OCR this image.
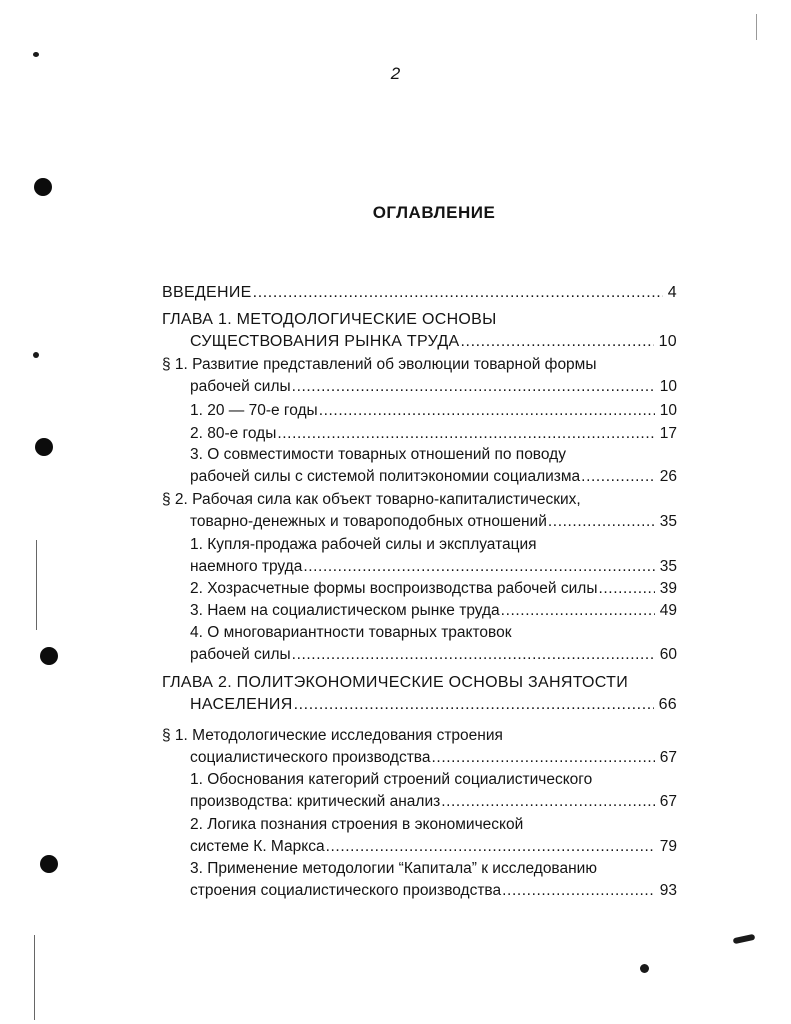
2
ОГЛАВЛЕНИЕ
ВВЕДЕНИЕ .....	4
ГЛАВА 1. МЕТОДОЛОГИЧЕСКИЕ ОСНОВЫ
СУЩЕСТВОВАНИЯ РЫНКА ТРУДА .....	10
§ 1. Развитие представлений об эволюции товарной формы
рабочей силы .....	10
1. 20 — 70-е годы .....	10
2. 80-е годы .....	17
3. О совместимости товарных отношений по поводу
рабочей силы с системой политэкономии социализма .....	26
§ 2. Рабочая сила как объект товарно-капиталистических,
товарно-денежных и товароподобных отношений .....	35
1. Купля-продажа рабочей силы и эксплуатация
наемного труда .....	35
2. Хозрасчетные формы воспроизводства рабочей силы .....	39
3. Наем на социалистическом рынке труда .....	49
4. О многовариантности товарных трактовок
рабочей силы .....	60
ГЛАВА 2. ПОЛИТЭКОНОМИЧЕСКИЕ ОСНОВЫ ЗАНЯТОСТИ
НАСЕЛЕНИЯ .....	66
§ 1. Методологические исследования строения
социалистического производства .....	67
1. Обоснования категорий строений социалистического
производства: критический анализ .....	67
2. Логика познания строения в экономической
системе К. Маркса .....	79
3. Применение методологии “Капитала” к исследованию
строения социалистического производства .....	93
